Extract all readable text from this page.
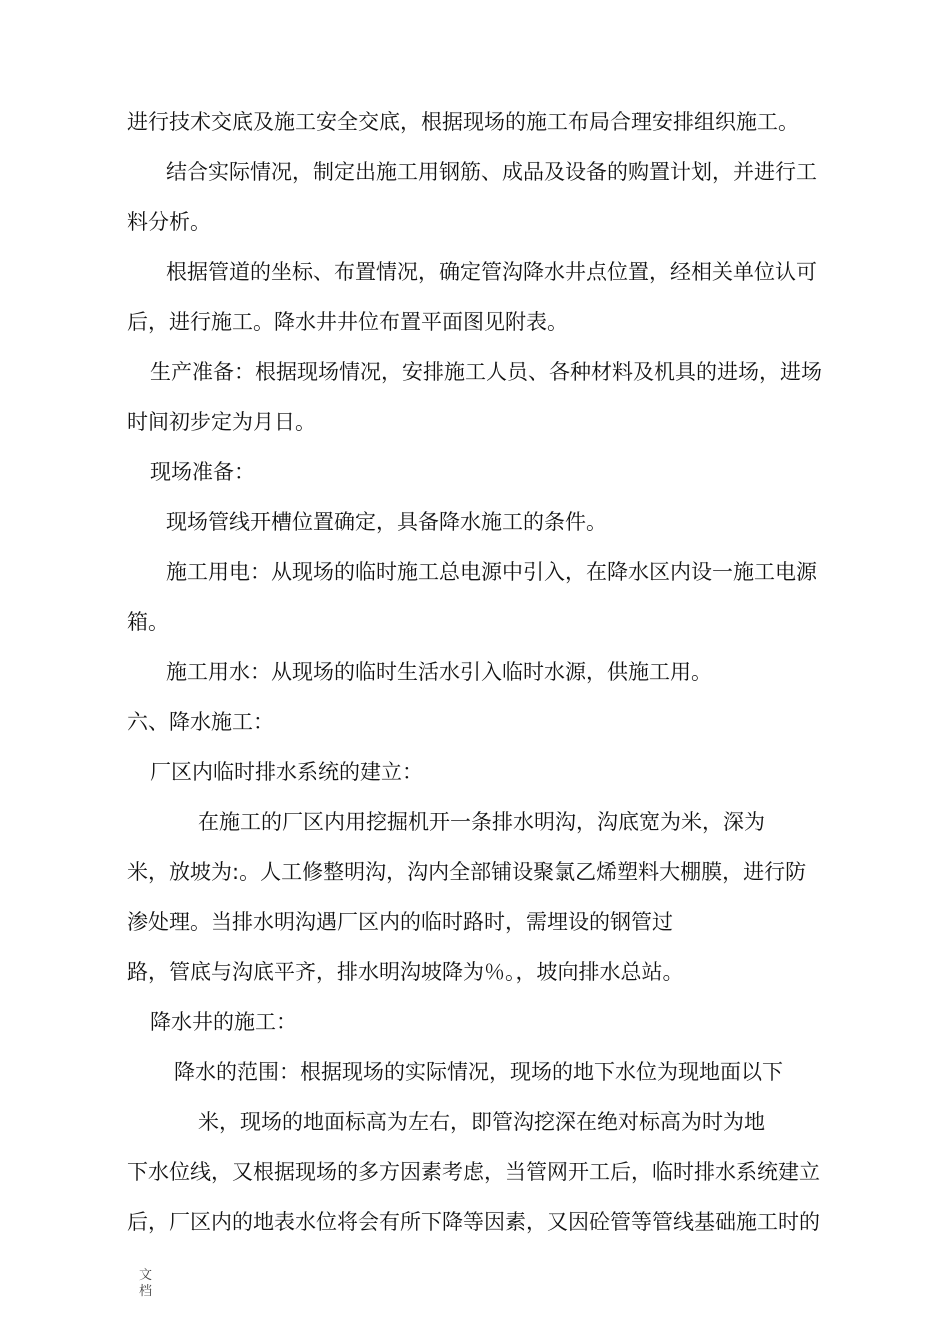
进行技术交底及施工安全交底，根据现场的施工布局合理安排组织施工。
结合实际情况，制定出施工用钢筋、成品及设备的购置计划，并进行工
料分析。
根据管道的坐标、布置情况，确定管沟降水井点位置，经相关单位认可
后，进行施工。降水井井位布置平面图见附表。
生产准备：根据现场情况，安排施工人员、各种材料及机具的进场，进场
时间初步定为月日。
现场准备：
现场管线开槽位置确定，具备降水施工的条件。
施工用电：从现场的临时施工总电源中引入，在降水区内设一施工电源
箱。
施工用水：从现场的临时生活水引入临时水源，供施工用。
六、降水施工：
厂区内临时排水系统的建立：
在施工的厂区内用挖掘机开一条排水明沟，沟底宽为米，深为
米，放坡为:。人工修整明沟，沟内全部铺设聚氯乙烯塑料大棚膜，进行防
渗处理。当排水明沟遇厂区内的临时路时，需埋设的钢管过
路，管底与沟底平齐，排水明沟坡降为％。，坡向排水总站。
降水井的施工：
降水的范围：根据现场的实际情况，现场的地下水位为现地面以下
米，现场的地面标高为左右，即管沟挖深在绝对标高为时为地
下水位线，又根据现场的多方因素考虑，当管网开工后，临时排水系统建立
后，厂区内的地表水位将会有所下降等因素，又因砼管等管线基础施工时的
文
档
